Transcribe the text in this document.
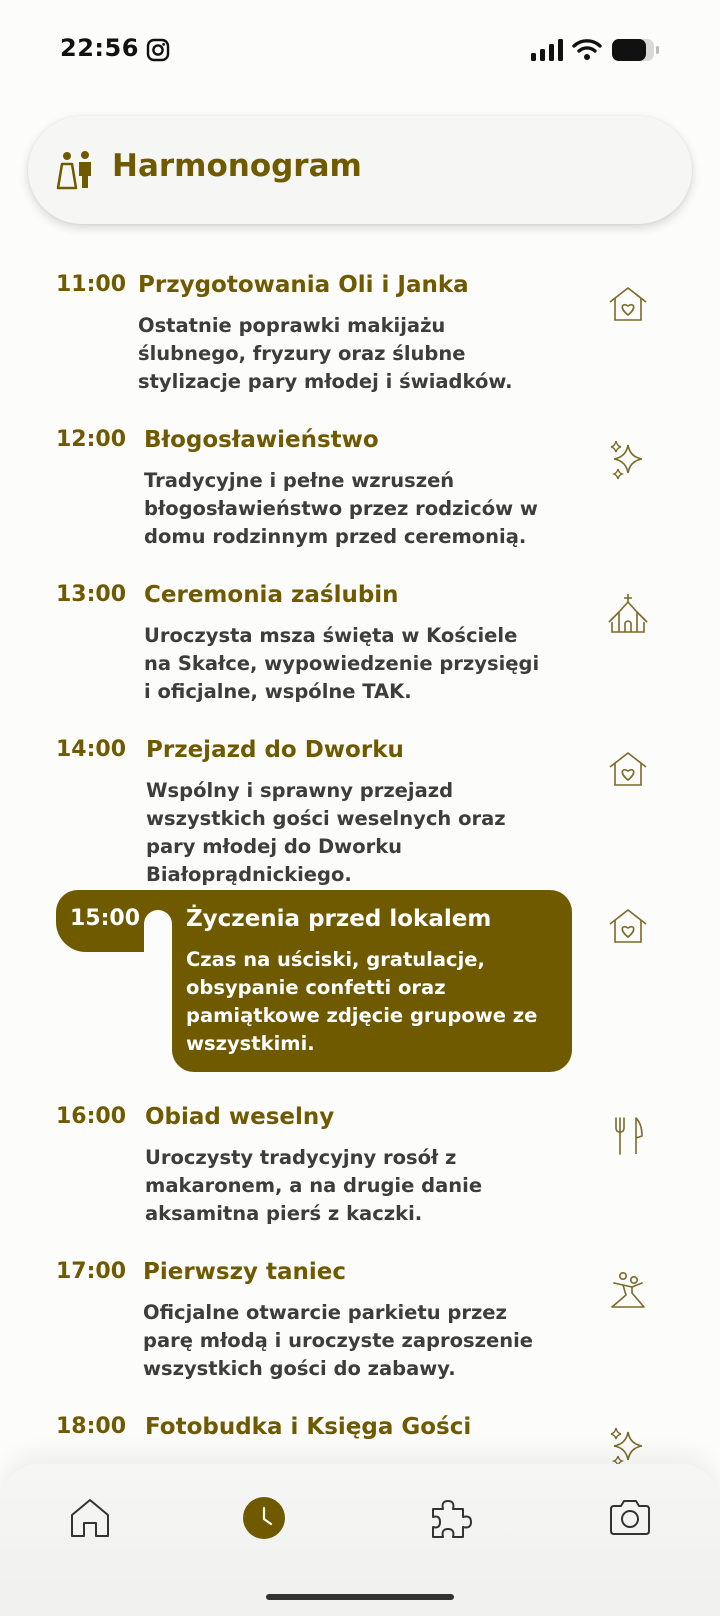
22:56
Harmonogram
11:00 Przygotowania Oli i Janka
Ostatnie poprawki makijażu ślubnego, fryzury oraz ślubne stylizacje pary młodej i świadków.
12:00 Błogosławieństwo
Tradycyjne i pełne wzruszeń błogosławieństwo przez rodziców w domu rodzinnym przed ceremonią.
13:00 Ceremonia zaślubin
Uroczysta msza święta w Kościele na Skałce, wypowiedzenie przysięgi i oficjalne, wspólne TAK.
14:00 Przejazd do Dworku
Wspólny i sprawny przejazd wszystkich gości weselnych oraz pary młodej do Dworku Białoprądnickiego.
15:00 Życzenia przed lokalem
Czas na uściski, gratulacje, obsypanie confetti oraz pamiątkowe zdjęcie grupowe ze wszystkimi.
16:00 Obiad weselny
Uroczysty tradycyjny rosół z makaronem, a na drugie danie aksamitna pierś z kaczki.
17:00 Pierwszy taniec
Oficjalne otwarcie parkietu przez parę młodą i uroczyste zaproszenie wszystkich gości do zabawy.
18:00 Fotobudka i Księga Gości
